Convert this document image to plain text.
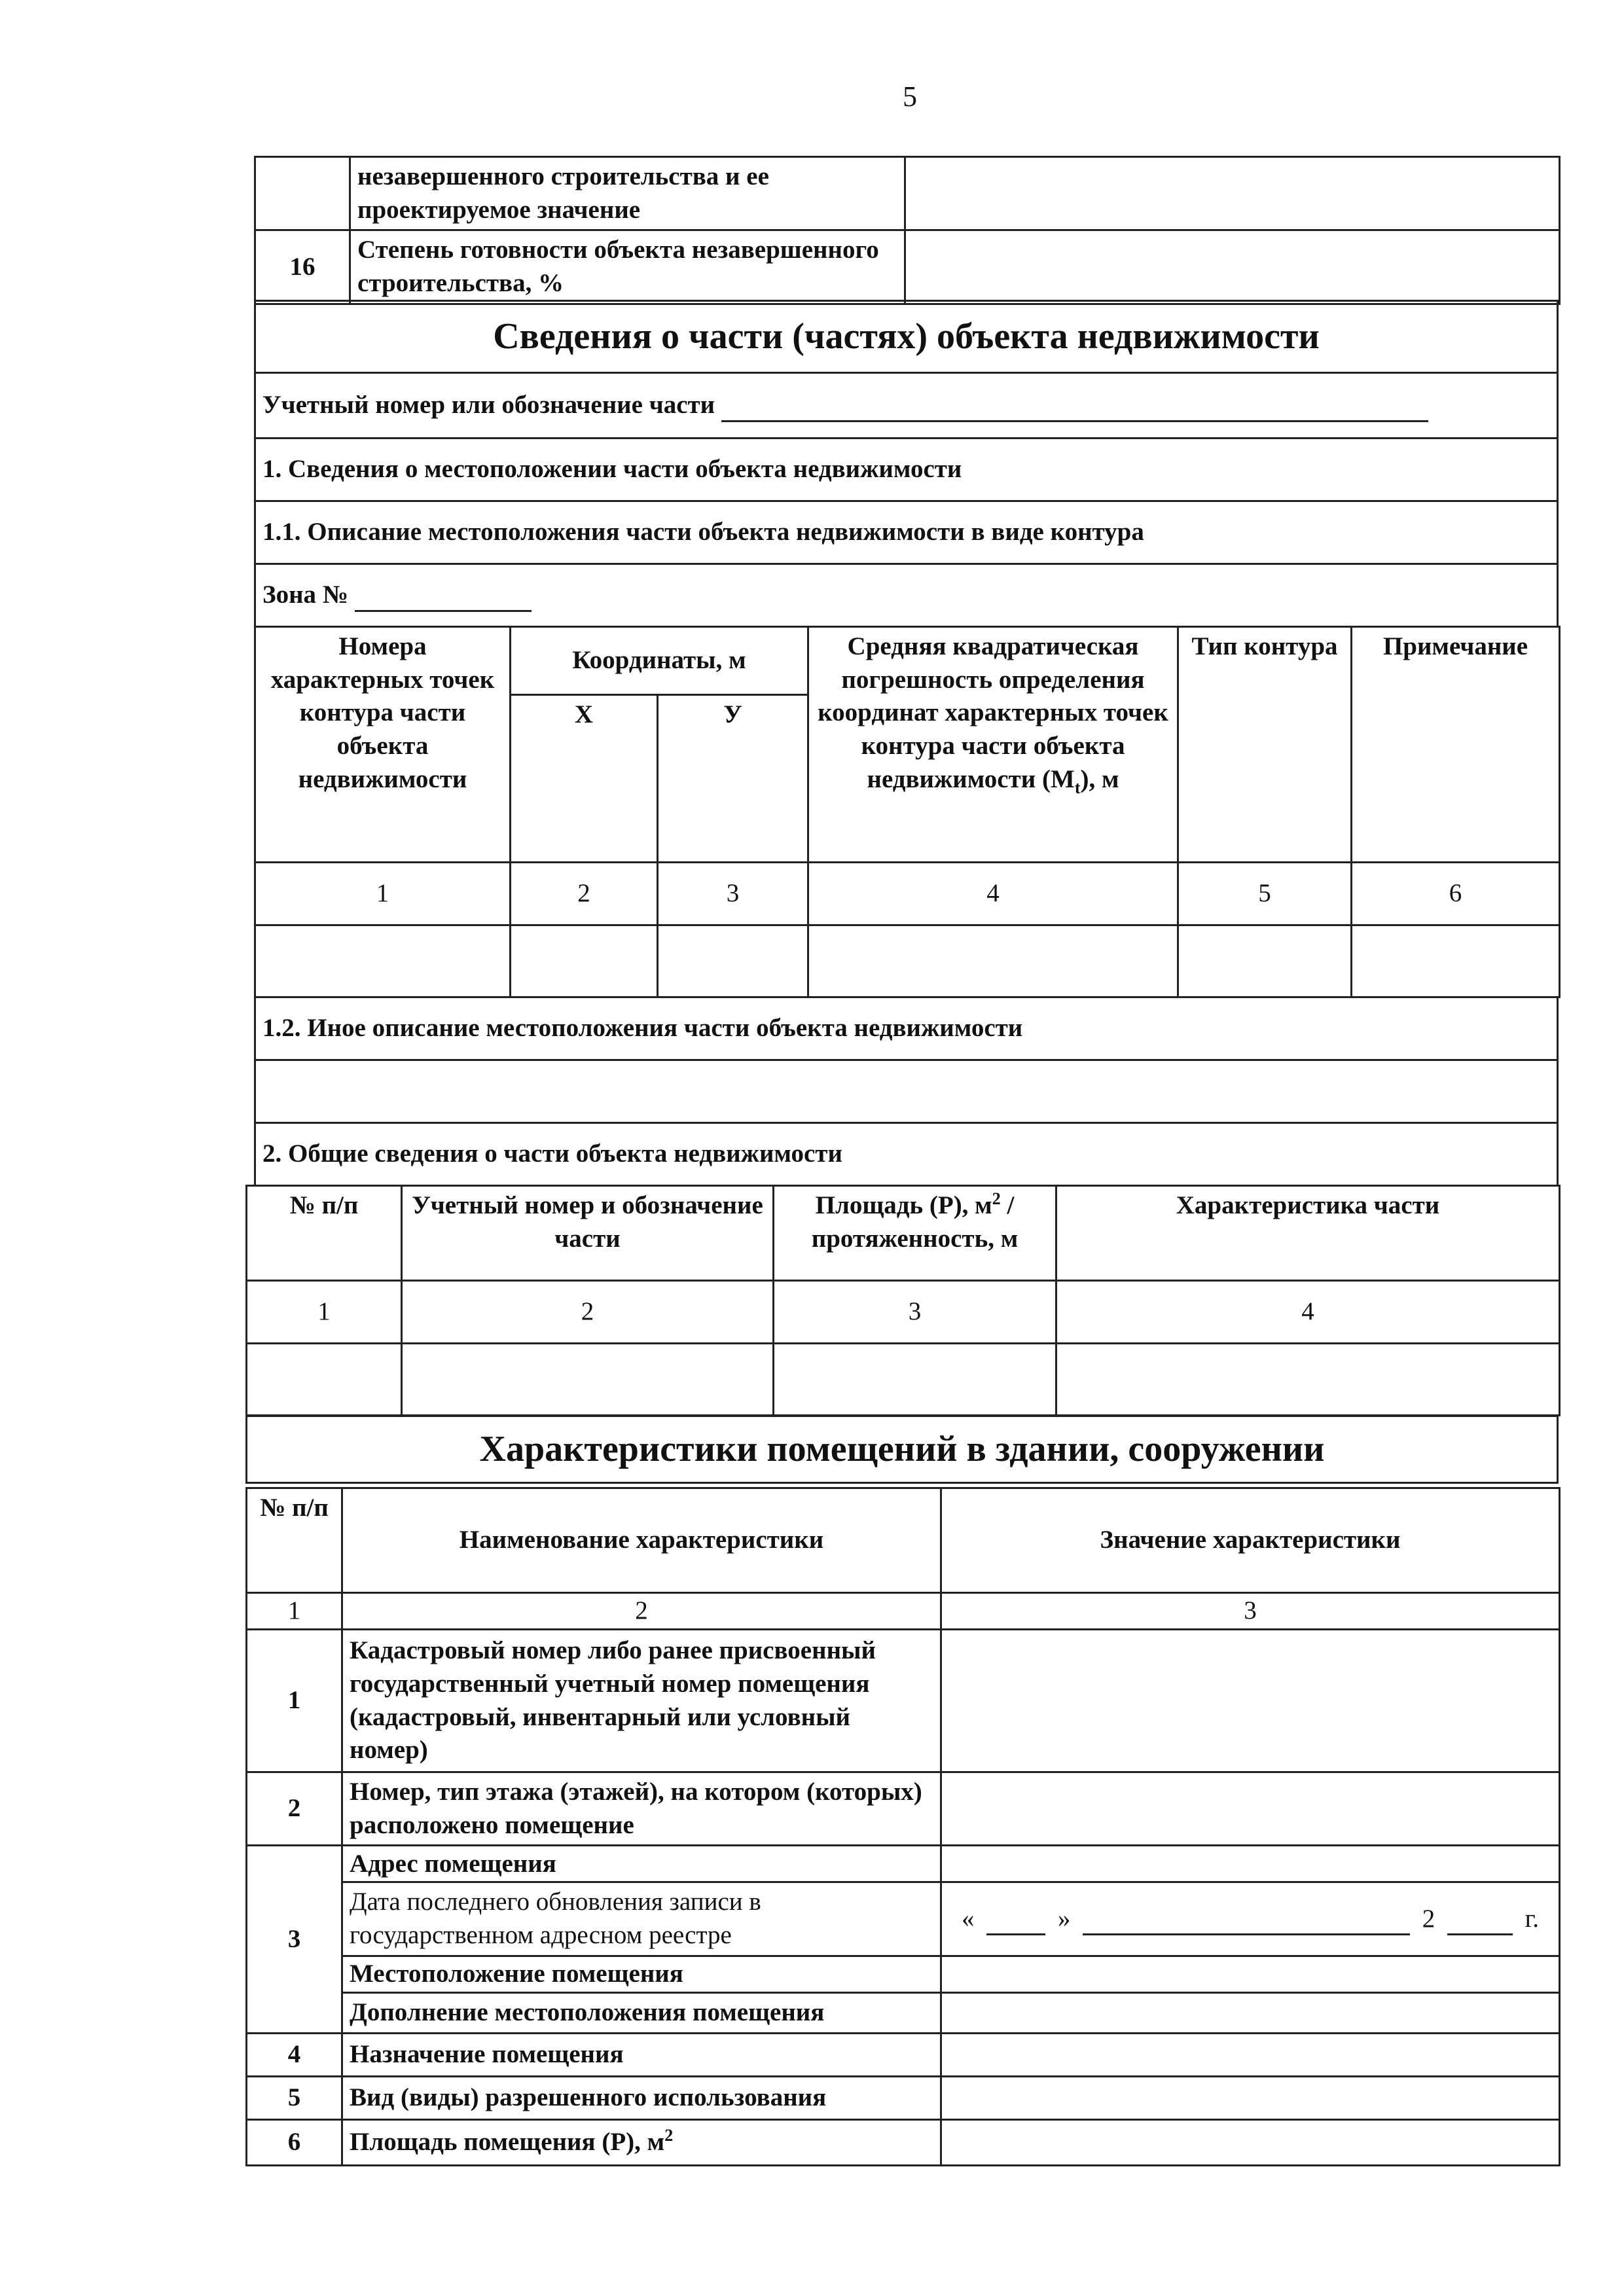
5
	незавершенного строительства и ее проектируемое значение	
16	Степень готовности объекта незавершенного строительства, %	
Сведения о части (частях) объекта недвижимости
Учетный номер или обозначение части
1. Сведения о местоположении части объекта недвижимости
1.1. Описание местоположения части объекта недвижимости в виде контура
Зона №
Номера характерных точек контура части объекта недвижимости	Координаты, м		Средняя квадратическая погрешность определения координат характерных точек контура части объекта недвижимости $(M_t)$, м	Тип контура	Примечание
	Х	У			
1	2	3	4	5	6

1.2. Иное описание местоположения части объекта недвижимости

2. Общие сведения о части объекта недвижимости
№ п/п	Учетный номер и обозначение части	Площадь (Р), $м^2$ / протяженность, м	Характеристика части
1	2	3	4

Характеристики помещений в здании, сооружении
№ п/п	Наименование характеристики	Значение характеристики
1	2	3
1	Кадастровый номер либо ранее присвоенный государственный учетный номер помещения (кадастровый, инвентарный или условный номер)	
2	Номер, тип этажа (этажей), на котором (которых) расположено помещение	
3	Адрес помещения	
	Дата последнего обновления записи в государственном адресном реестре	« » 2 г.

	Местоположение помещения	
	Дополнение местоположения помещения	
4	Назначение помещения	
5	Вид (виды) разрешенного использования	
6	Площадь помещения (Р), $м^2$	
